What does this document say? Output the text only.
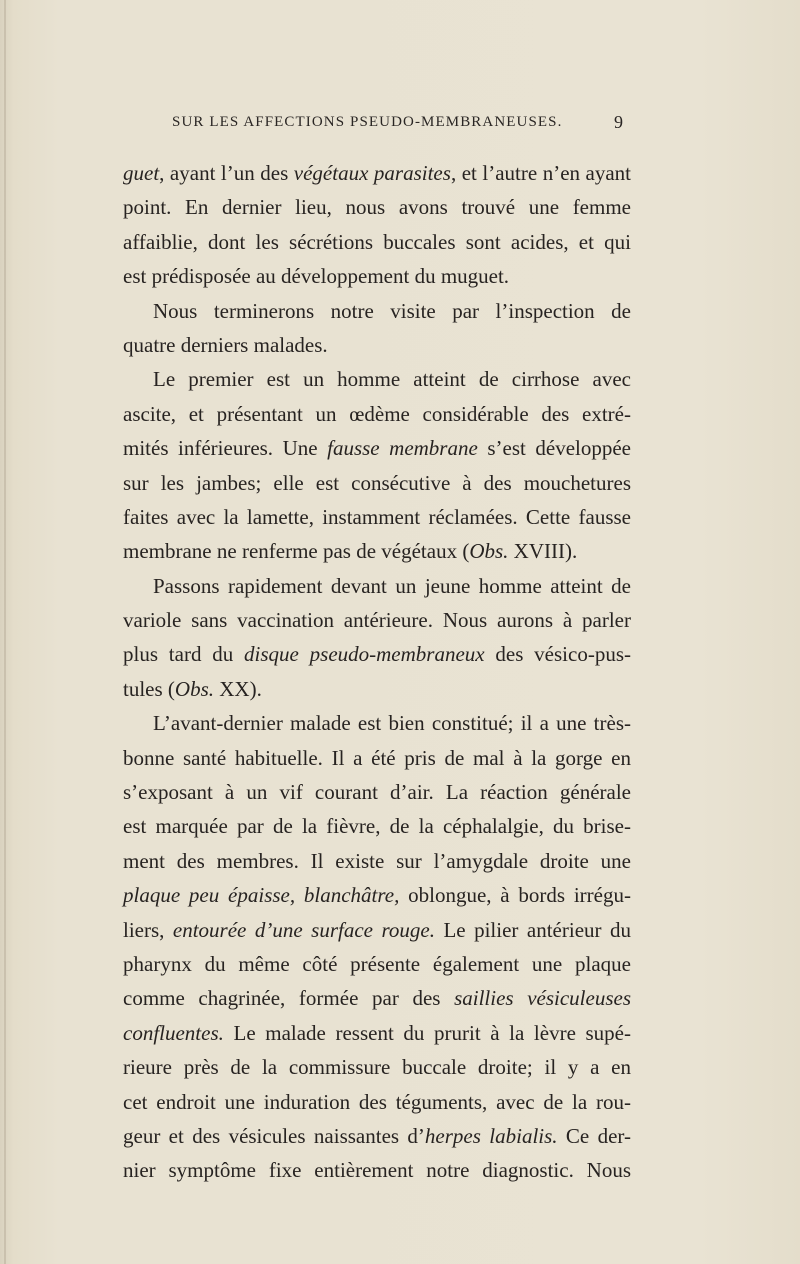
SUR LES AFFECTIONS PSEUDO-MEMBRANEUSES.	9
guet, ayant l’un des végétaux parasites, et l’autre n’en ayant
point. En dernier lieu, nous avons trouvé une femme
affaiblie, dont les sécrétions buccales sont acides, et qui
est prédisposée au développement du muguet.
Nous terminerons notre visite par l’inspection de
quatre derniers malades.
Le premier est un homme atteint de cirrhose avec
ascite, et présentant un œdème considérable des extré-
mités inférieures. Une fausse membrane s’est développée
sur les jambes; elle est consécutive à des mouchetures
faites avec la lamette, instamment réclamées. Cette fausse
membrane ne renferme pas de végétaux (Obs. XVIII).
Passons rapidement devant un jeune homme atteint de
variole sans vaccination antérieure. Nous aurons à parler
plus tard du disque pseudo-membraneux des vésico-pus-
tules (Obs. XX).
L’avant-dernier malade est bien constitué; il a une très-
bonne santé habituelle. Il a été pris de mal à la gorge en
s’exposant à un vif courant d’air. La réaction générale
est marquée par de la fièvre, de la céphalalgie, du brise-
ment des membres. Il existe sur l’amygdale droite une
plaque peu épaisse, blanchâtre, oblongue, à bords irrégu-
liers, entourée d’une surface rouge. Le pilier antérieur du
pharynx du même côté présente également une plaque
comme chagrinée, formée par des saillies vésiculeuses
confluentes. Le malade ressent du prurit à la lèvre supé-
rieure près de la commissure buccale droite; il y a en
cet endroit une induration des téguments, avec de la rou-
geur et des vésicules naissantes d’herpes labialis. Ce der-
nier symptôme fixe entièrement notre diagnostic. Nous
